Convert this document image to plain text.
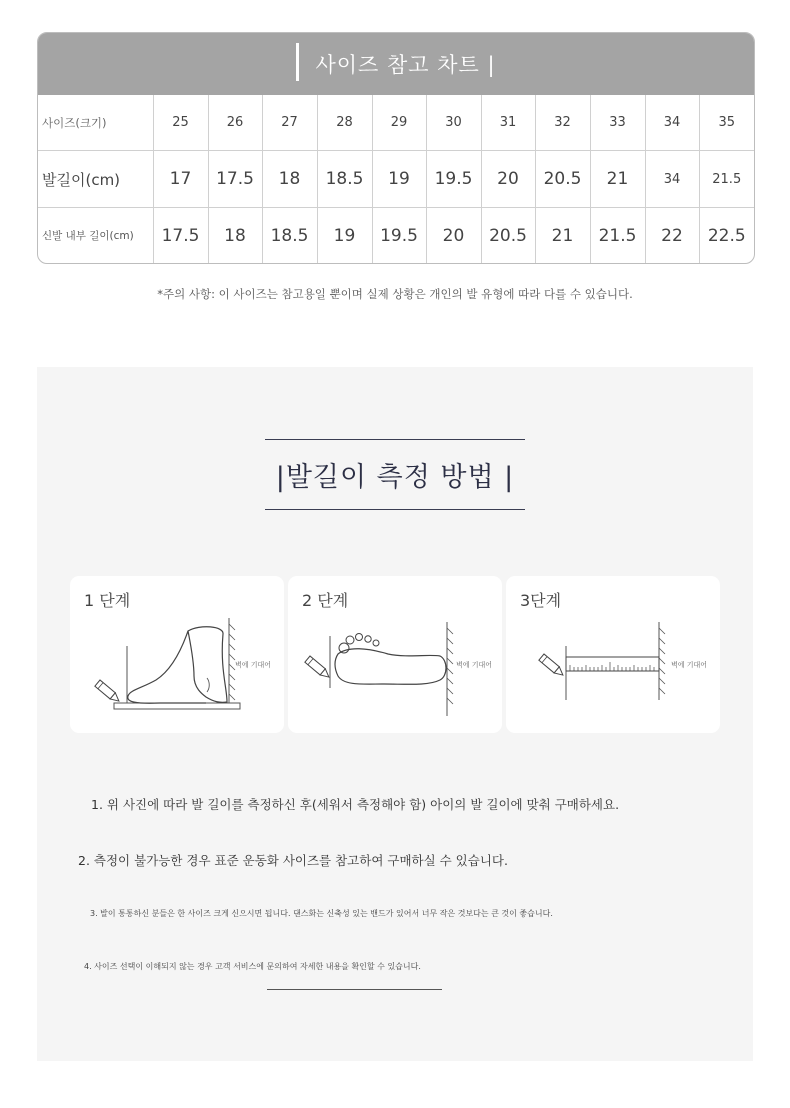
사이즈 참고 차트 |
사이즈(크기)	25	26	27	28	29	30	31	32	33	34	35
발길이(cm)	17	17.5	18	18.5	19	19.5	20	20.5	21	34	21.5
신발 내부 길이(cm)	17.5	18	18.5	19	19.5	20	20.5	21	21.5	22	22.5
*주의 사항: 이 사이즈는 참고용일 뿐이며 실제 상황은 개인의 발 유형에 따라 다를 수 있습니다.
|발길이 측정 방법 |
1 단계
벽에 기대어
2 단계
벽에 기대어
3단계
벽에 기대어
1. 위 사진에 따라 발 길이를 측정하신 후(세워서 측정해야 함) 아이의 발 길이에 맞춰 구매하세요.
2. 측정이 불가능한 경우 표준 운동화 사이즈를 참고하여 구매하실 수 있습니다.
3. 발이 통통하신 분들은 한 사이즈 크게 신으시면 됩니다. 댄스화는 신축성 있는 밴드가 있어서 너무 작은 것보다는 큰 것이 좋습니다.
4. 사이즈 선택이 이해되지 않는 경우 고객 서비스에 문의하여 자세한 내용을 확인할 수 있습니다.
